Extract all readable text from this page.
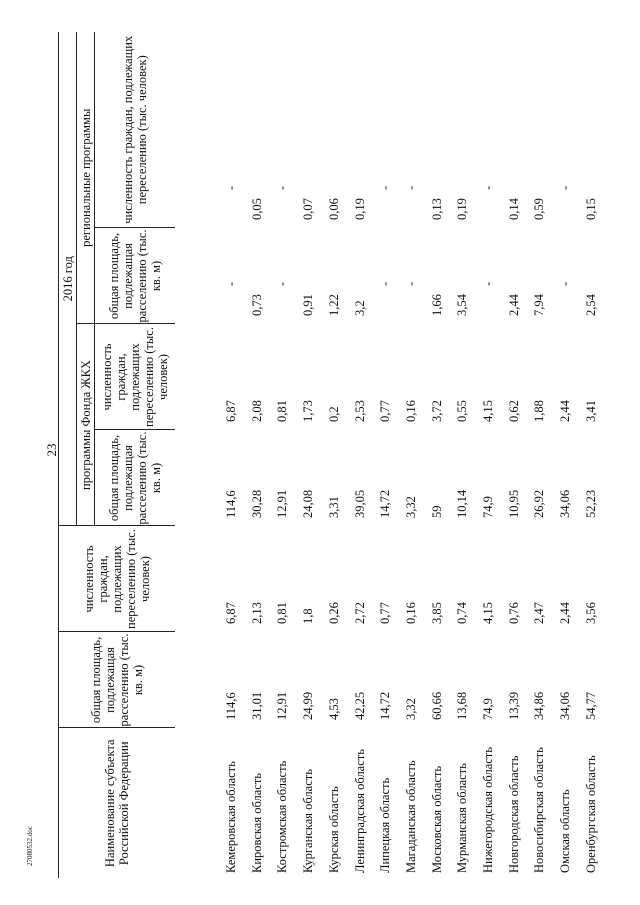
23
Наименование субъекта Российской Федерации	общая площадь, подлежащая расселению (тыс. кв. м)	численность граждан, подлежащих переселению (тыс. человек)	2016 год			
			программы Фонда ЖКХ		региональные программы	
			общая площадь, подлежащая расселению (тыс. кв. м)	численность граждан, подлежащих переселению (тыс. человек)	общая площадь, подлежащая расселению (тыс. кв. м)	численность граждан, подлежащих переселению (тыс. человек)
Кемеровская область	114,6	6,87	114,6	6,87	-	-
Кировская область	31,01	2,13	30,28	2,08	0,73	0,05
Костромская область	12,91	0,81	12,91	0,81	-	-
Курганская область	24,99	1,8	24,08	1,73	0,91	0,07
Курская область	4,53	0,26	3,31	0,2	1,22	0,06
Ленинградская область	42,25	2,72	39,05	2,53	3,2	0,19
Липецкая область	14,72	0,77	14,72	0,77	-	-
Магаданская область	3,32	0,16	3,32	0,16	-	-
Московская область	60,66	3,85	59	3,72	1,66	0,13
Мурманская область	13,68	0,74	10,14	0,55	3,54	0,19
Нижегородская область	74,9	4,15	74,9	4,15	-	-
Новгородская область	13,39	0,76	10,95	0,62	2,44	0,14
Новосибирская область	34,86	2,47	26,92	1,88	7,94	0,59
Омская область	34,06	2,44	34,06	2,44	-	-
Оренбургская область	54,77	3,56	52,23	3,41	2,54	0,15
27080532.doc
